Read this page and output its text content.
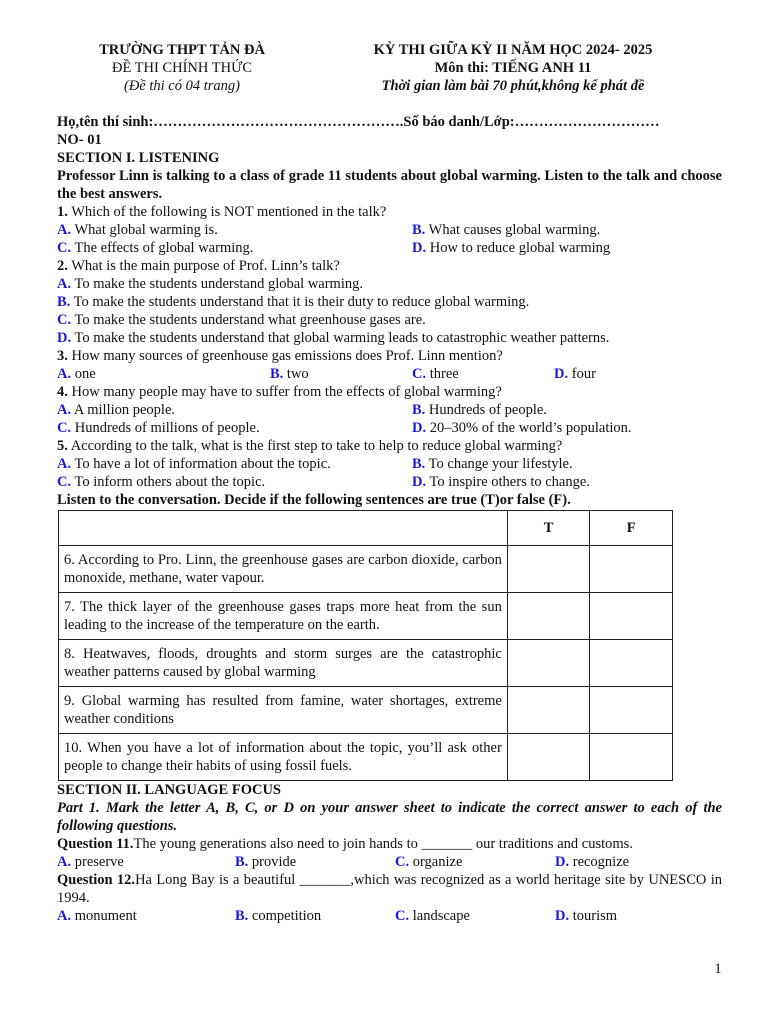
TRƯỜNG THPT TẢN ĐÀ
ĐỀ THI CHÍNH THỨC
(Đề thi có 04 trang)
KỲ THI GIỮA KỲ II NĂM HỌC 2024- 2025
Môn thi: TIẾNG ANH 11
Thời gian làm bài 70 phút,không kể phát đề
Họ,tên thí sinh:…………………………………………….Số báo danh/Lớp:…………………………
NO- 01
SECTION I. LISTENING
Professor Linn is talking to a class of grade 11 students about global warming. Listen to the talk and choose the best answers.
1. Which of the following is NOT mentioned in the talk?
A. What global warming is.	B. What causes global warming.
C. The effects of global warming.	D. How to reduce global warming
2. What is the main purpose of Prof. Linn’s talk?
A. To make the students understand global warming.
B. To make the students understand that it is their duty to reduce global warming.
C. To make the students understand what greenhouse gases are.
D. To make the students understand that global warming leads to catastrophic weather patterns.
3. How many sources of greenhouse gas emissions does Prof. Linn mention?
A. one	B. two	C. three	D. four
4. How many people may have to suffer from the effects of global warming?
A. A million people.	B. Hundreds of people.
C. Hundreds of millions of people.	D. 20–30% of the world’s population.
5. According to the talk, what is the first step to take to help to reduce global warming?
A. To have a lot of information about the topic.	B. To change your lifestyle.
C. To inform others about the topic.	D. To inspire others to change.
Listen to the conversation. Decide if the following sentences are true (T)or false (F).
	T	F
6. According to Pro. Linn, the greenhouse gases are carbon dioxide, carbon monoxide, methane, water vapour.		
7. The thick layer of the greenhouse gases traps more heat from the sun leading to the increase of the temperature on the earth.		
8. Heatwaves, floods, droughts and storm surges are the catastrophic weather patterns caused by global warming		
9. Global warming has resulted from famine, water shortages, extreme weather conditions		
10. When you have a lot of information about the topic, you’ll ask other people to change their habits of using fossil fuels.		
SECTION II. LANGUAGE FOCUS
Part 1. Mark the letter A, B, C, or D on your answer sheet to indicate the correct answer to each of the following questions.
Question 11.The young generations also need to join hands to _______ our traditions and customs.
A. preserve	B. provide	C. organize	D. recognize
Question 12.Ha Long Bay is a beautiful _______,which was recognized as a world heritage site by UNESCO in 1994.
A. monument	B. competition	C. landscape	D. tourism
1
